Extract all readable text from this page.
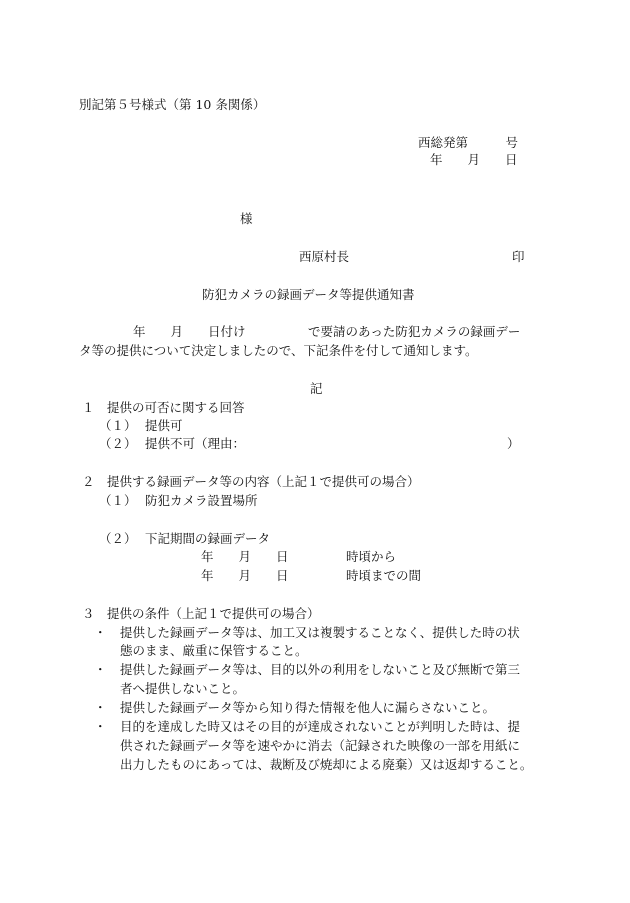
別記第５号様式（第 10 条関係）
西総発第　　　号
年　　月　　日
様
西原村長	印
防犯カメラの録画データ等提供通知書
年　　月　　日付け　　　　　で要請のあった防犯カメラの録画デー
タ等の提供について決定しましたので、下記条件を付して通知します。
記
１　提供の可否に関する回答
（１） 提供可
（２） 提供不可（理由：	）
２　提供する録画データ等の内容（上記１で提供可の場合）
（１） 防犯カメラ設置場所
（２） 下記期間の録画データ
年　　月　　日	時頃から
年　　月　　日	時頃までの間
３　提供の条件（上記１で提供可の場合）
・ 提供した録画データ等は、加工又は複製することなく、提供した時の状
態のまま、厳重に保管すること。
・ 提供した録画データ等は、目的以外の利用をしないこと及び無断で第三
者へ提供しないこと。
・ 提供した録画データ等から知り得た情報を他人に漏らさないこと。
・ 目的を達成した時又はその目的が達成されないことが判明した時は、提
供された録画データ等を速やかに消去（記録された映像の一部を用紙に
出力したものにあっては、裁断及び焼却による廃棄）又は返却すること。
